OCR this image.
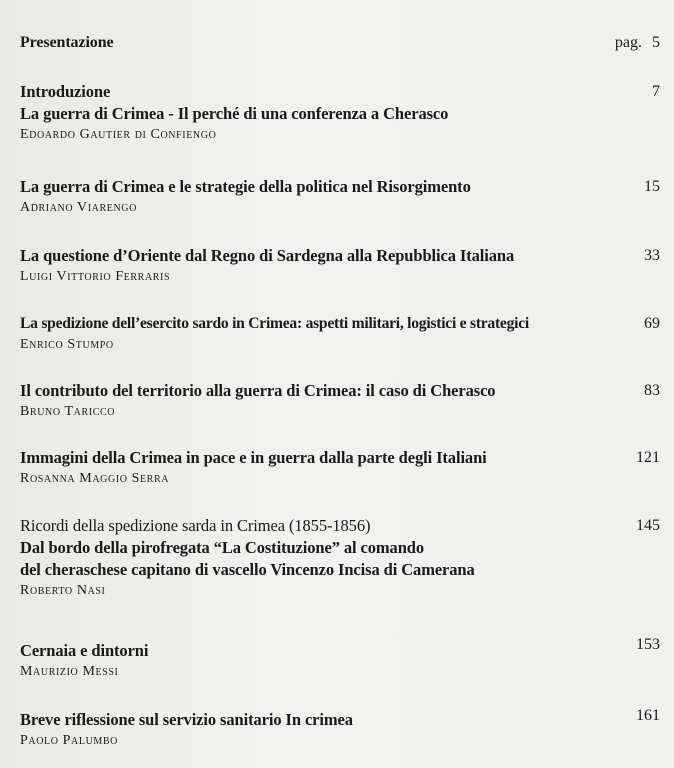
Presentazione	pag. 5
Introduzione
La guerra di Crimea - Il perché di una conferenza a Cherasco
Edoardo Gautier di Confiengo
7
La guerra di Crimea e le strategie della politica nel Risorgimento
Adriano Viarengo
15
La questione d’Oriente dal Regno di Sardegna alla Repubblica Italiana
Luigi Vittorio Ferraris
33
La spedizione dell’esercito sardo in Crimea: aspetti militari, logistici e strategici
Enrico Stumpo
69
Il contributo del territorio alla guerra di Crimea: il caso di Cherasco
Bruno Taricco
83
Immagini della Crimea in pace e in guerra dalla parte degli Italiani
Rosanna Maggio Serra
121
Ricordi della spedizione sarda in Crimea (1855-1856)
Dal bordo della pirofregata “La Costituzione” al comando
del cheraschese capitano di vascello Vincenzo Incisa di Camerana
Roberto Nasi
145
Cernaia e dintorni
Maurizio Messi
153
Breve riflessione sul servizio sanitario In crimea
Paolo Palumbo
161
